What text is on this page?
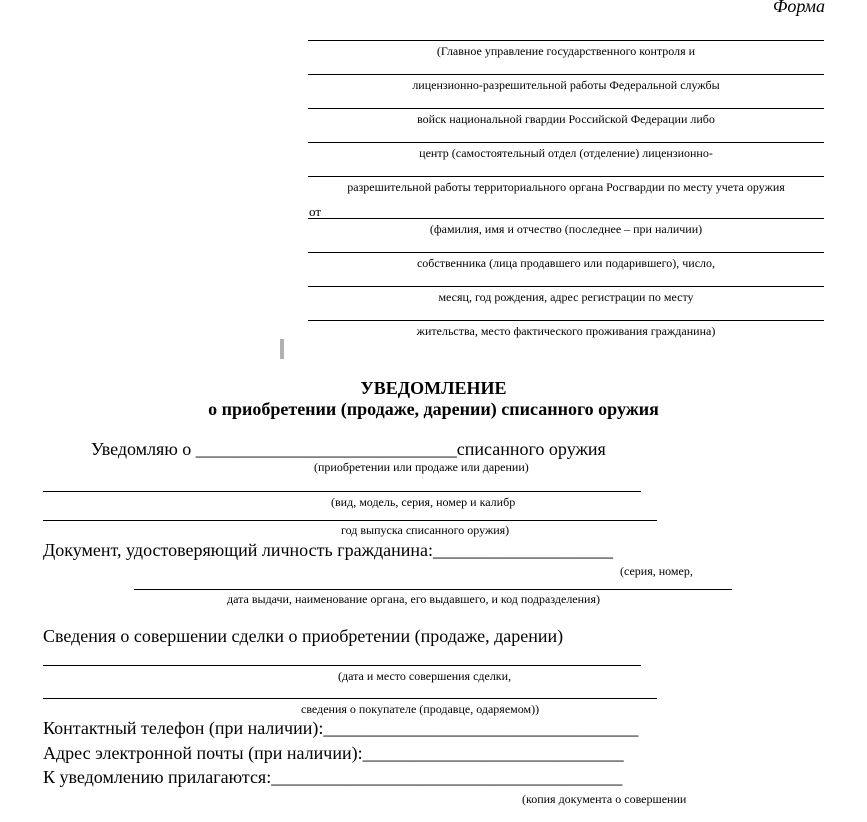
Форма
(Главное управление государственного контроля и
лицензионно-разрешительной работы Федеральной службы
войск национальной гвардии Российской Федерации либо
центр (самостоятельный отдел (отделение) лицензионно-
разрешительной работы территориального органа Росгвардии по месту учета оружия
от
(фамилия, имя и отчество (последнее – при наличии)
собственника (лица продавшего или подарившего), число,
месяц, год рождения, адрес регистрации по месту
жительства, место фактического проживания гражданина)
УВЕДОМЛЕНИЕ
о приобретении (продаже, дарении) списанного оружия
Уведомляю о _____________________________списанного оружия
(приобретении или продаже или дарении)
(вид, модель, серия, номер и калибр
год выпуска списанного оружия)
Документ, удостоверяющий личность гражданина:____________________
(серия, номер,
дата выдачи, наименование органа, его выдавшего, и код подразделения)
Сведения о совершении сделки о приобретении (продаже, дарении)
(дата и место совершения сделки,
сведения о покупателе (продавце, одаряемом))
Контактный телефон (при наличии):___________________________________
Адрес электронной почты (при наличии):_____________________________
К уведомлению прилагаются:_______________________________________
(копия документа о совершении
